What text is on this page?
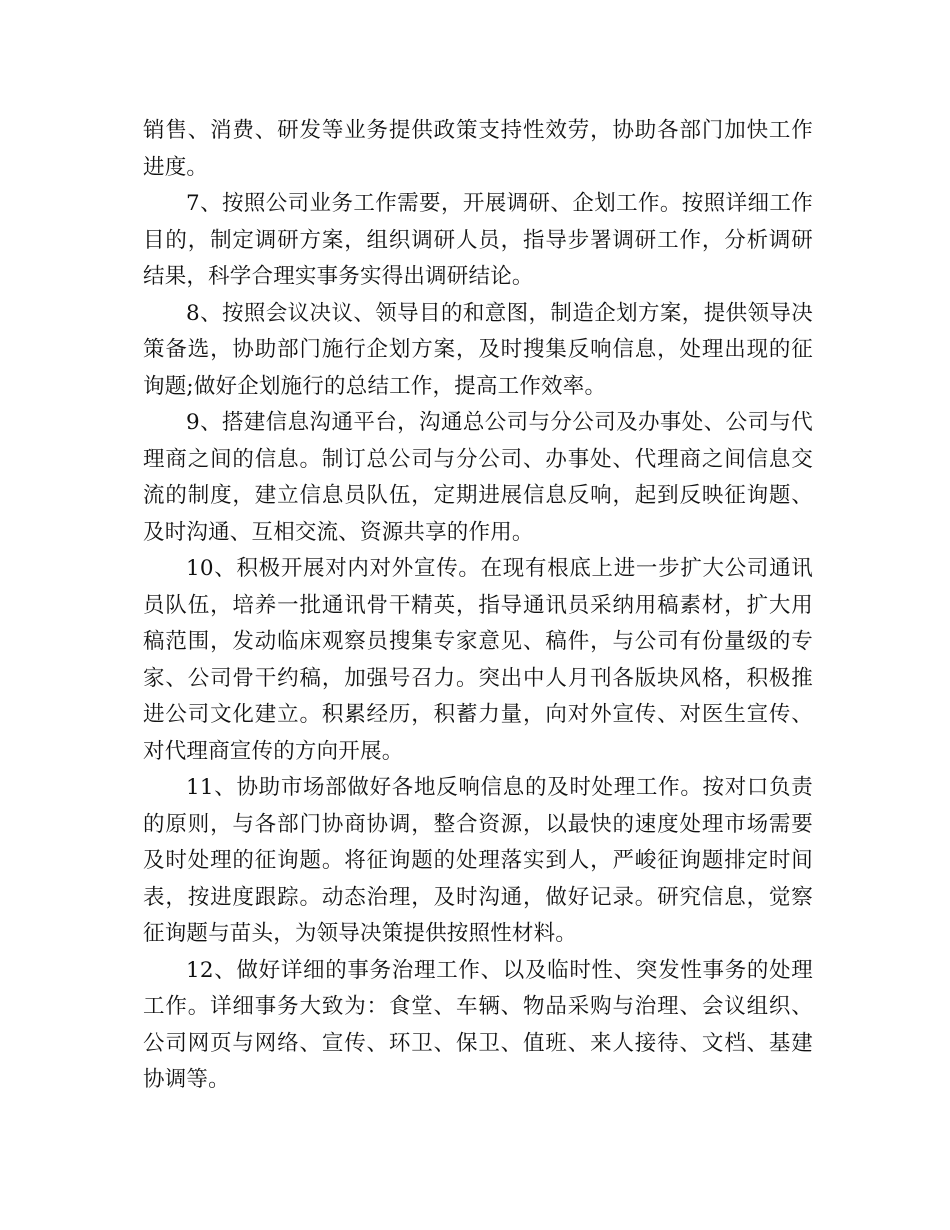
销售、消费、研发等业务提供政策支持性效劳，协助各部门加快工作进度。

7、按照公司业务工作需要，开展调研、企划工作。按照详细工作目的，制定调研方案，组织调研人员，指导步署调研工作，分析调研结果，科学合理实事务实得出调研结论。

8、按照会议决议、领导目的和意图，制造企划方案，提供领导决策备选，协助部门施行企划方案，及时搜集反响信息，处理出现的征询题;做好企划施行的总结工作，提高工作效率。

9、搭建信息沟通平台，沟通总公司与分公司及办事处、公司与代理商之间的信息。制订总公司与分公司、办事处、代理商之间信息交流的制度，建立信息员队伍，定期进展信息反响，起到反映征询题、及时沟通、互相交流、资源共享的作用。

10、积极开展对内对外宣传。在现有根底上进一步扩大公司通讯员队伍，培养一批通讯骨干精英，指导通讯员采纳用稿素材，扩大用稿范围，发动临床观察员搜集专家意见、稿件，与公司有份量级的专家、公司骨干约稿，加强号召力。突出中人月刊各版块风格，积极推进公司文化建立。积累经历，积蓄力量，向对外宣传、对医生宣传、对代理商宣传的方向开展。

11、协助市场部做好各地反响信息的及时处理工作。按对口负责的原则，与各部门协商协调，整合资源，以最快的速度处理市场需要及时处理的征询题。将征询题的处理落实到人，严峻征询题排定时间表，按进度跟踪。动态治理，及时沟通，做好记录。研究信息，觉察征询题与苗头，为领导决策提供按照性材料。

12、做好详细的事务治理工作、以及临时性、突发性事务的处理工作。详细事务大致为：食堂、车辆、物品采购与治理、会议组织、公司网页与网络、宣传、环卫、保卫、值班、来人接待、文档、基建协调等。
